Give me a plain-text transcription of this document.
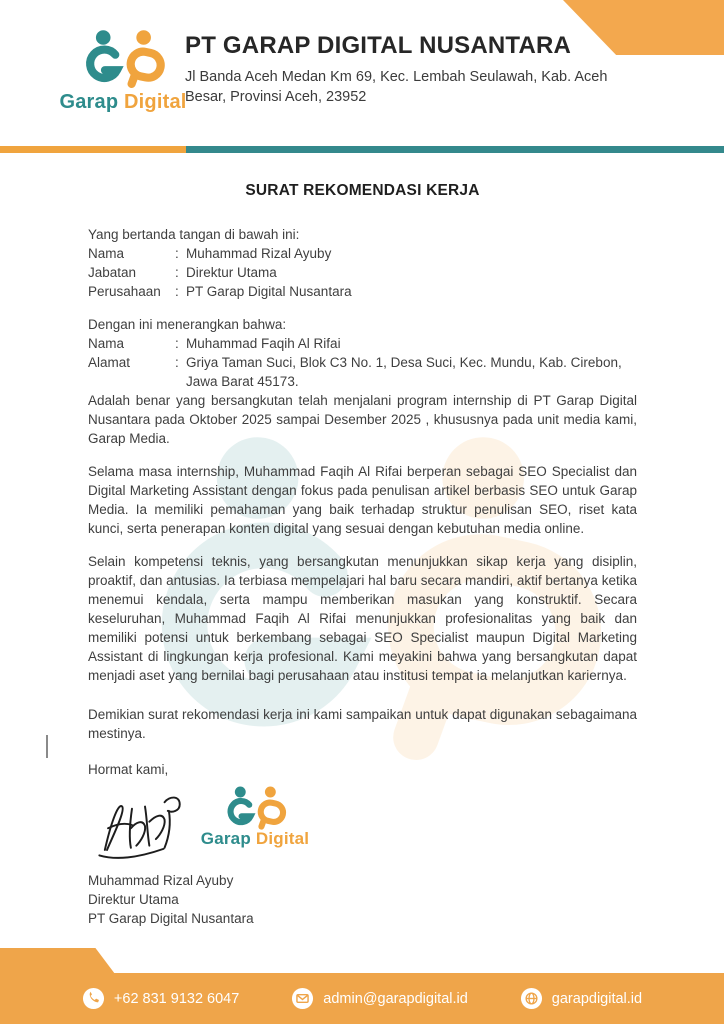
Garap Digital
PT GARAP DIGITAL NUSANTARA
Jl Banda Aceh Medan Km 69, Kec. Lembah Seulawah, Kab. Aceh Besar, Provinsi Aceh, 23952
SURAT REKOMENDASI KERJA
Yang bertanda tangan di bawah ini:
Nama	: Muhammad Rizal Ayuby
Jabatan	: Direktur Utama
Perusahaan	: PT Garap Digital Nusantara
Dengan ini menerangkan bahwa:
Nama	: Muhammad Faqih Al Rifai
Alamat	: Griya Taman Suci, Blok C3 No. 1, Desa Suci, Kec. Mundu, Kab. Cirebon, Jawa Barat 45173.
Adalah benar yang bersangkutan telah menjalani program internship di PT Garap Digital Nusantara pada Oktober 2025 sampai Desember 2025 , khususnya pada unit media kami, Garap Media.
Selama masa internship, Muhammad Faqih Al Rifai berperan sebagai SEO Specialist dan Digital Marketing Assistant dengan fokus pada penulisan artikel berbasis SEO untuk Garap Media. Ia memiliki pemahaman yang baik terhadap struktur penulisan SEO, riset kata kunci, serta penerapan konten digital yang sesuai dengan kebutuhan media online.
Selain kompetensi teknis, yang bersangkutan menunjukkan sikap kerja yang disiplin, proaktif, dan antusias. Ia terbiasa mempelajari hal baru secara mandiri, aktif bertanya ketika menemui kendala, serta mampu memberikan masukan yang konstruktif. Secara keseluruhan, Muhammad Faqih Al Rifai menunjukkan profesionalitas yang baik dan memiliki potensi untuk berkembang sebagai SEO Specialist maupun Digital Marketing Assistant di lingkungan kerja profesional. Kami meyakini bahwa yang bersangkutan dapat menjadi aset yang bernilai bagi perusahaan atau institusi tempat ia melanjutkan kariernya.
Demikian surat rekomendasi kerja ini kami sampaikan untuk dapat digunakan sebagaimana mestinya.
Hormat kami,
Garap Digital
Muhammad Rizal Ayuby
Direktur Utama
PT Garap Digital Nusantara
+62 831 9132 6047	admin@garapdigital.id	garapdigital.id
